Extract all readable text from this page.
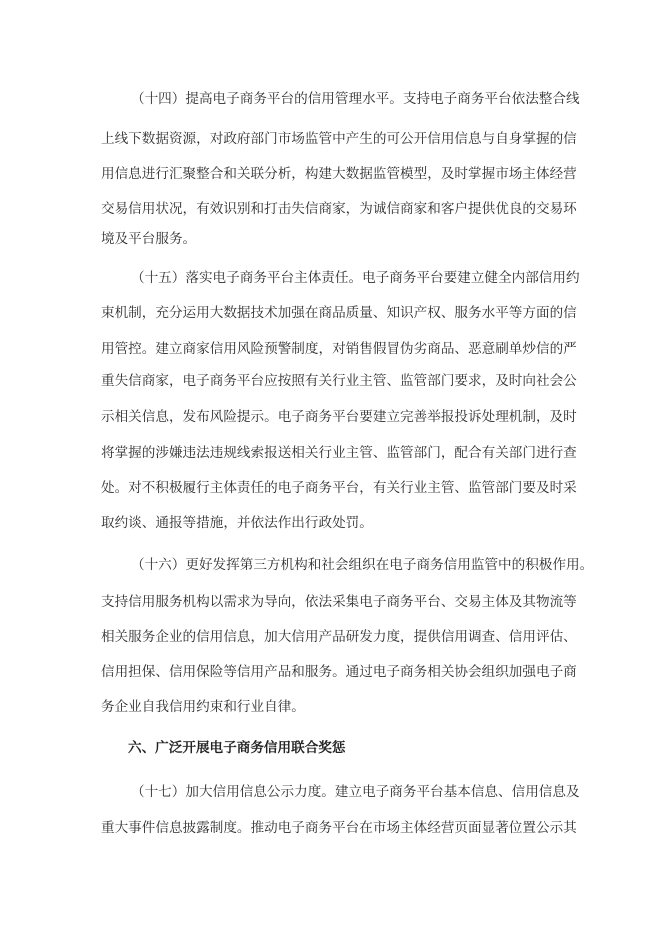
（十四）提高电子商务平台的信用管理水平。支持电子商务平台依法整合线
上线下数据资源，对政府部门市场监管中产生的可公开信用信息与自身掌握的信
用信息进行汇聚整合和关联分析，构建大数据监管模型，及时掌握市场主体经营
交易信用状况，有效识别和打击失信商家，为诚信商家和客户提供优良的交易环
境及平台服务。
（十五）落实电子商务平台主体责任。电子商务平台要建立健全内部信用约
束机制，充分运用大数据技术加强在商品质量、知识产权、服务水平等方面的信
用管控。建立商家信用风险预警制度，对销售假冒伪劣商品、恶意刷单炒信的严
重失信商家，电子商务平台应按照有关行业主管、监管部门要求，及时向社会公
示相关信息，发布风险提示。电子商务平台要建立完善举报投诉处理机制，及时
将掌握的涉嫌违法违规线索报送相关行业主管、监管部门，配合有关部门进行查
处。对不积极履行主体责任的电子商务平台，有关行业主管、监管部门要及时采
取约谈、通报等措施，并依法作出行政处罚。
（十六）更好发挥第三方机构和社会组织在电子商务信用监管中的积极作用。
支持信用服务机构以需求为导向，依法采集电子商务平台、交易主体及其物流等
相关服务企业的信用信息，加大信用产品研发力度，提供信用调查、信用评估、
信用担保、信用保险等信用产品和服务。通过电子商务相关协会组织加强电子商
务企业自我信用约束和行业自律。
六、广泛开展电子商务信用联合奖惩
（十七）加大信用信息公示力度。建立电子商务平台基本信息、信用信息及
重大事件信息披露制度。推动电子商务平台在市场主体经营页面显著位置公示其
